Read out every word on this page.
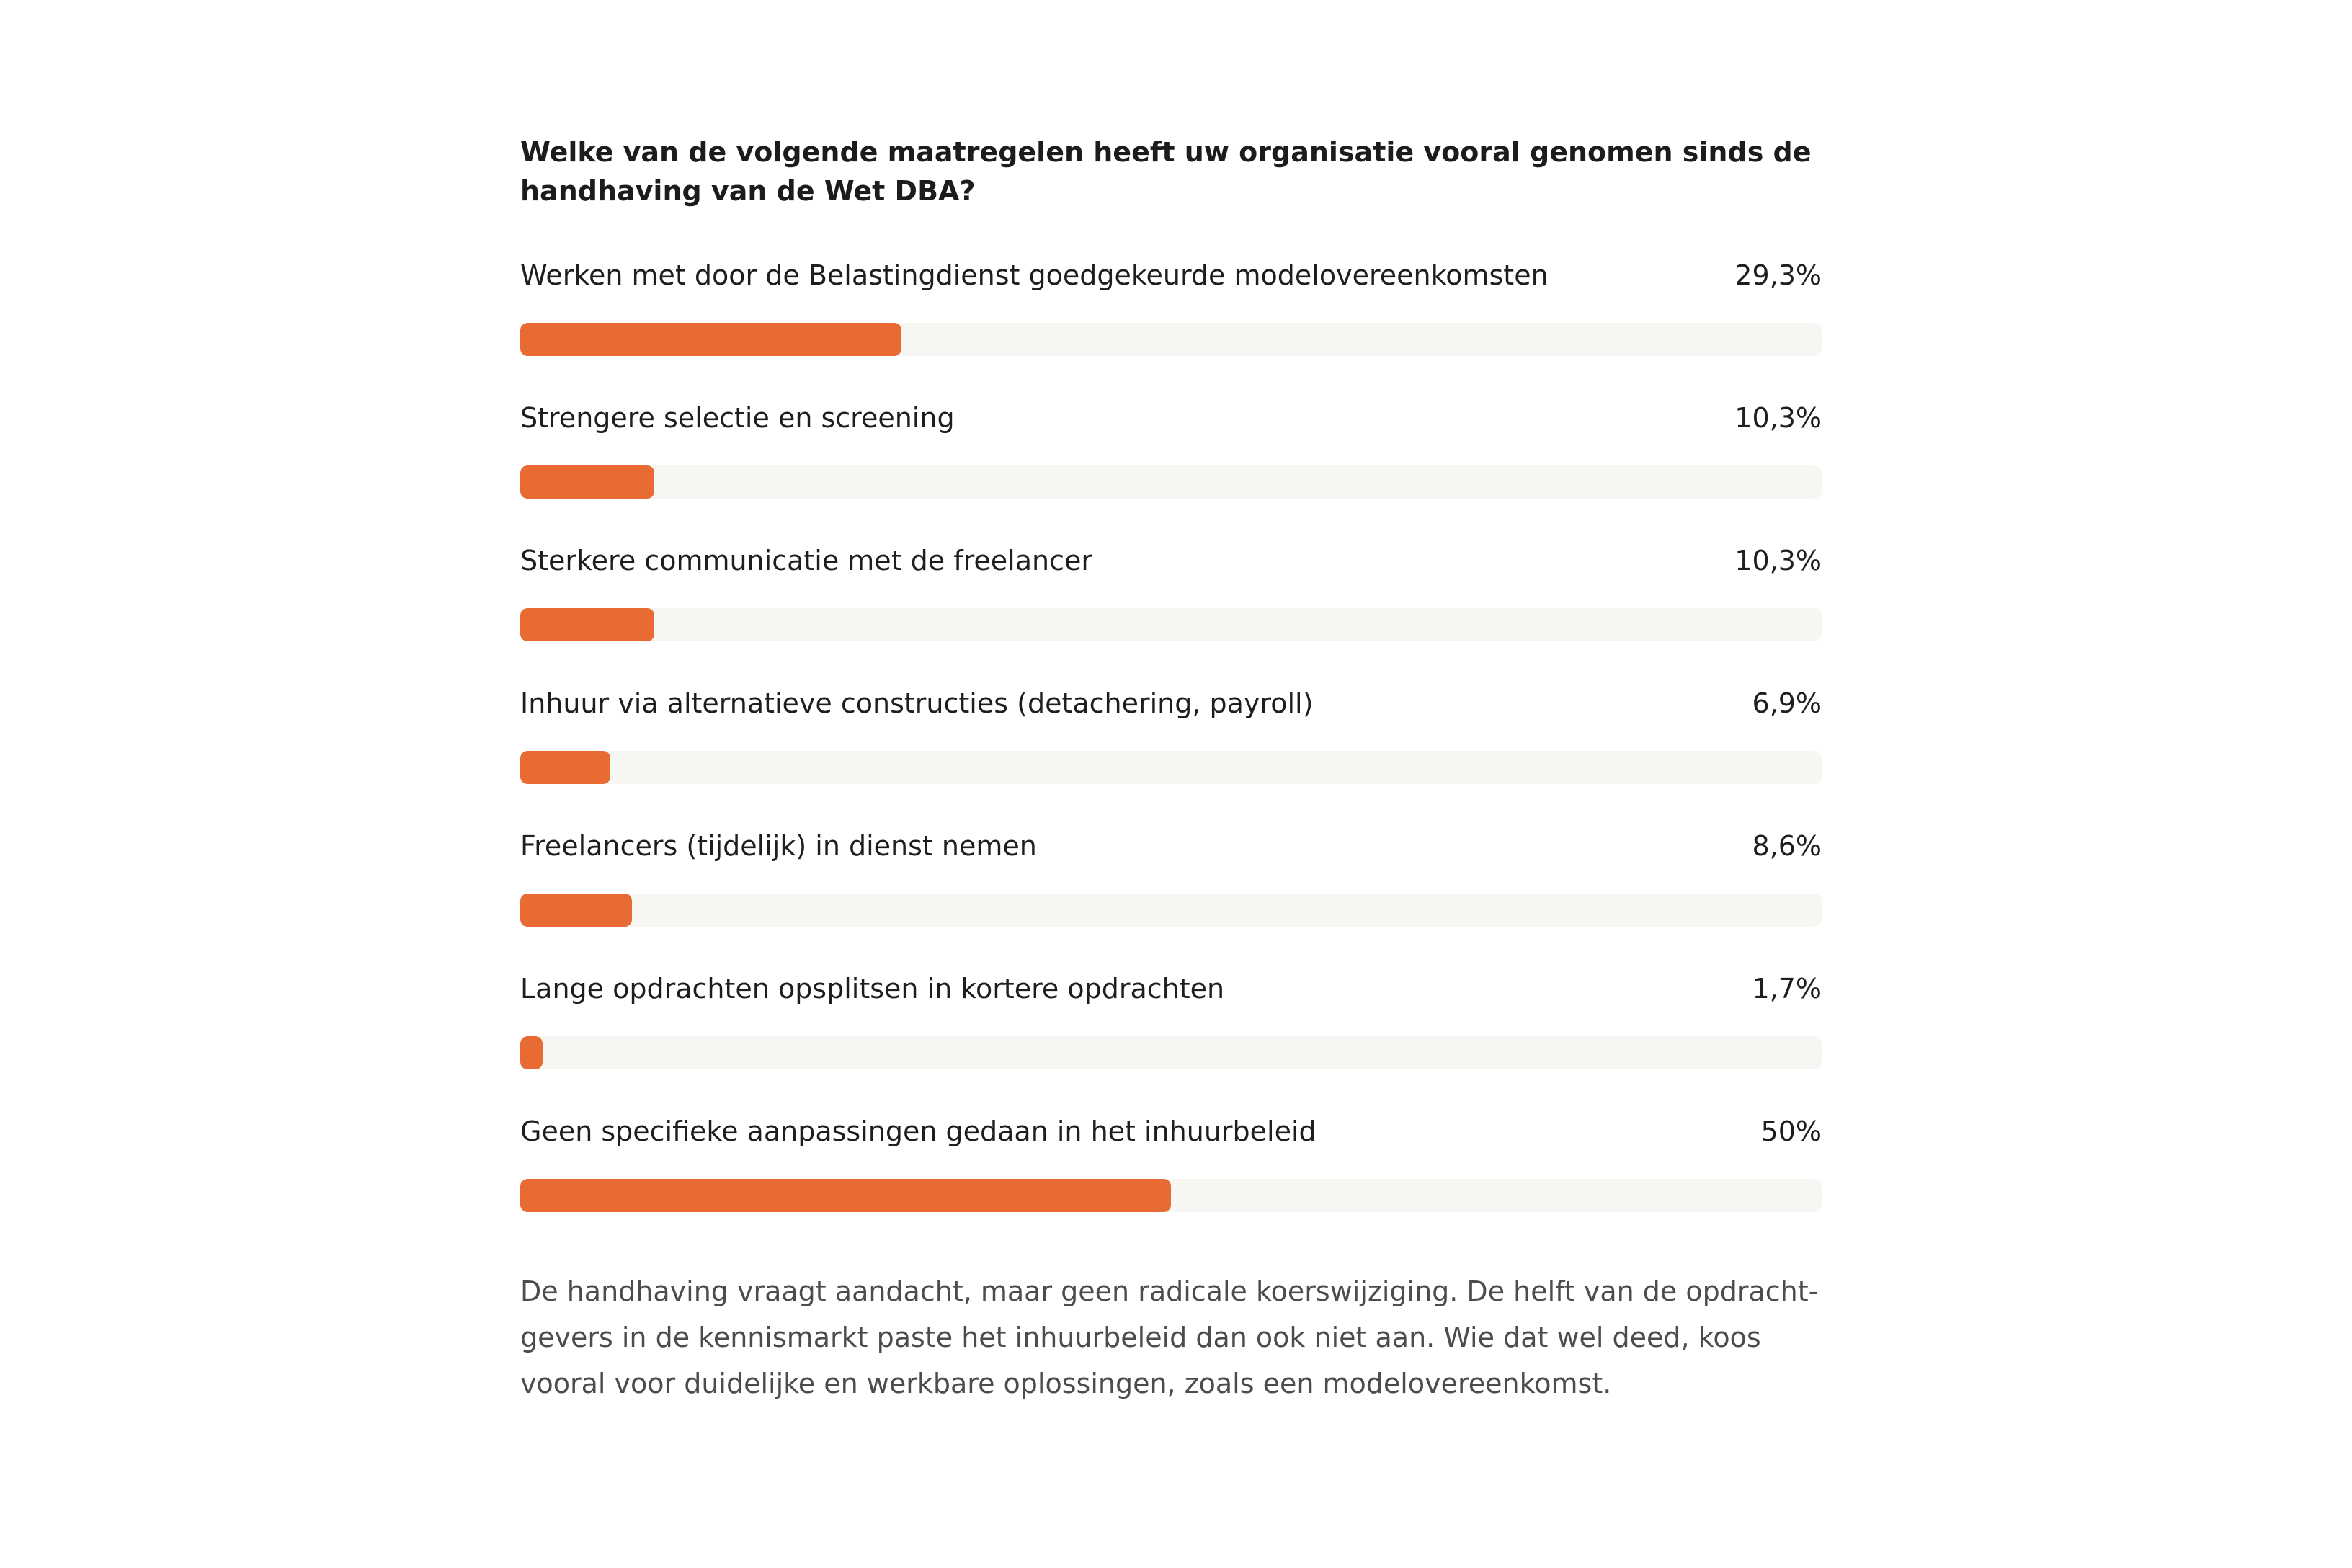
Welke van de volgende maatregelen heeft uw organisatie vooral genomen sinds de handhaving van de Wet DBA?
Werken met door de Belastingdienst goedgekeurde modelovereenkomsten	29,3%
Strengere selectie en screening	10,3%
Sterkere communicatie met de freelancer	10,3%
Inhuur via alternatieve constructies (detachering, payroll)	6,9%
Freelancers (tijdelijk) in dienst nemen	8,6%
Lange opdrachten opsplitsen in kortere opdrachten	1,7%
Geen specifieke aanpassingen gedaan in het inhuurbeleid	50%

De handhaving vraagt aandacht, maar geen radicale koerswijziging. De helft van de opdracht- gevers in de kennismarkt paste het inhuurbeleid dan ook niet aan. Wie dat wel deed, koos vooral voor duidelijke en werkbare oplossingen, zoals een modelovereenkomst.
